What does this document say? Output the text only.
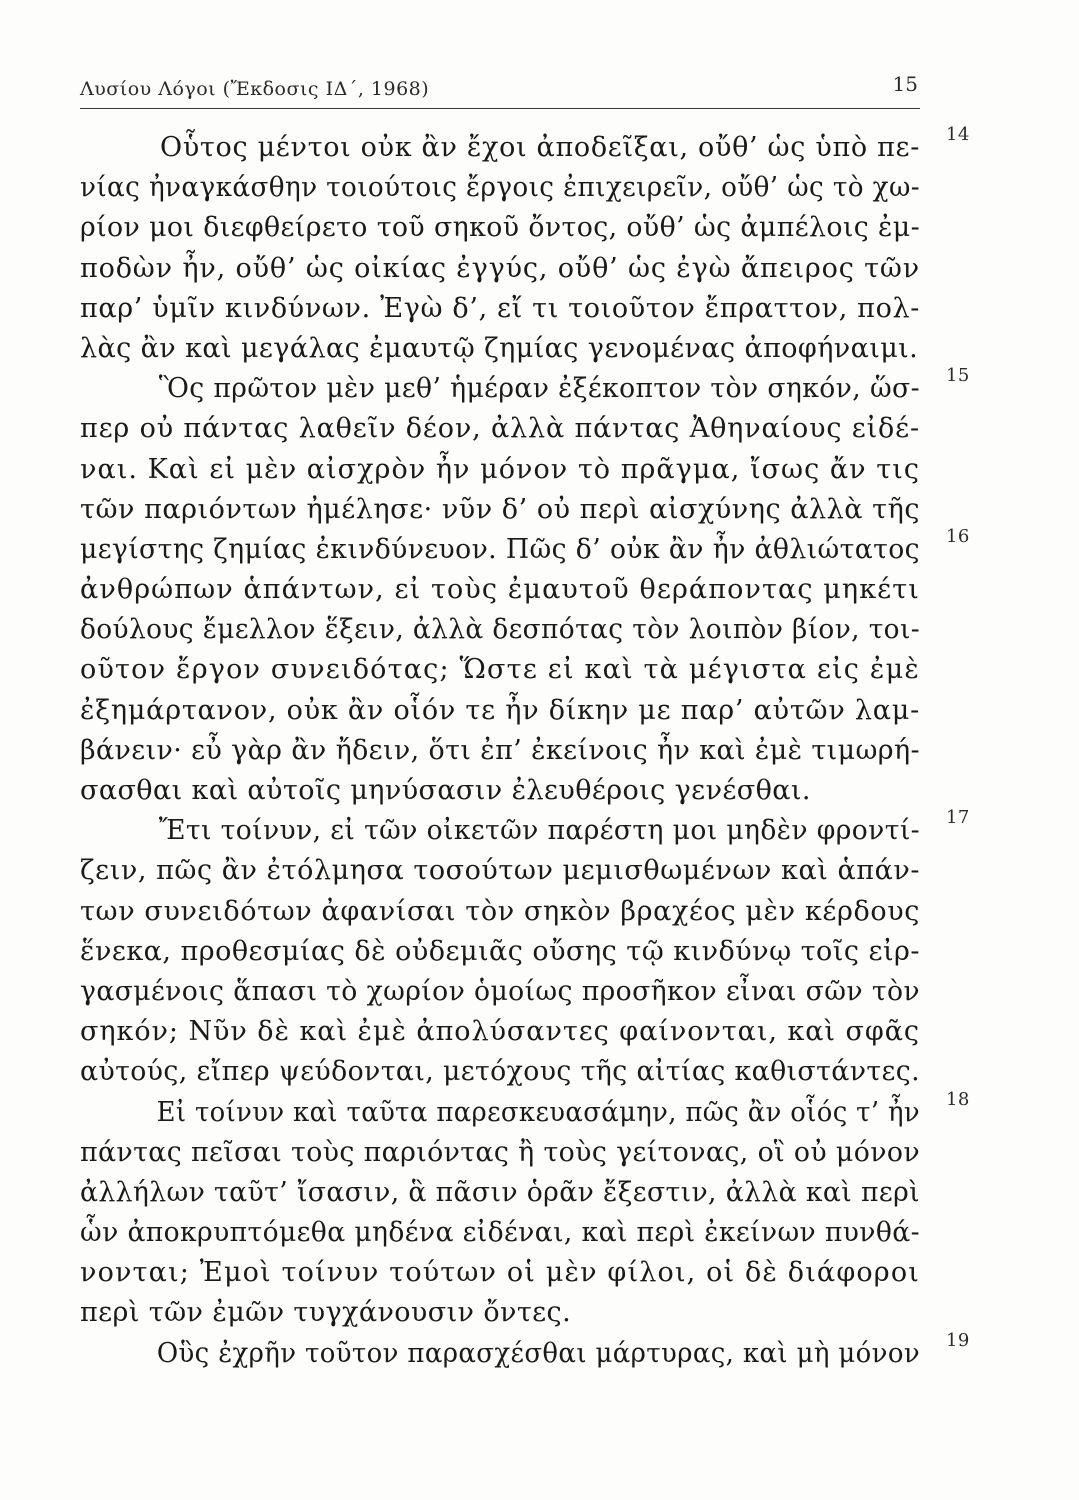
Λυσίου Λόγοι (Ἔκδοσις ΙΔ΄, 1968)	15
Οὗτος μέντοι οὐκ ἂν ἔχοι ἀποδεῖξαι, οὔθ’ ὡς ὑπὸ πε- 14
νίας ἠναγκάσθην τοιούτοις ἔργοις ἐπιχειρεῖν, οὔθ’ ὡς τὸ χω-
ρίον μοι διεφθείρετο τοῦ σηκοῦ ὄντος, οὔθ’ ὡς ἀμπέλοις ἐμ-
ποδὼν ἦν, οὔθ’ ὡς οἰκίας ἐγγύς, οὔθ’ ὡς ἐγὼ ἄπειρος τῶν
παρ’ ὑμῖν κινδύνων. Ἐγὼ δ’, εἴ τι τοιοῦτον ἔπραττον, πολ-
λὰς ἂν καὶ μεγάλας ἐμαυτῷ ζημίας γενομένας ἀποφήναιμι.
Ὃς πρῶτον μὲν μεθ’ ἡμέραν ἐξέκοπτον τὸν σηκόν, ὥσ- 15
περ οὐ πάντας λαθεῖν δέον, ἀλλὰ πάντας Ἀθηναίους εἰδέ-
ναι. Καὶ εἰ μὲν αἰσχρὸν ἦν μόνον τὸ πρᾶγμα, ἴσως ἄν τις
τῶν παριόντων ἠμέλησε· νῦν δ’ οὐ περὶ αἰσχύνης ἀλλὰ τῆς
μεγίστης ζημίας ἐκινδύνευον. Πῶς δ’ οὐκ ἂν ἦν ἀθλιώτατος 16
ἀνθρώπων ἁπάντων, εἰ τοὺς ἐμαυτοῦ θεράποντας μηκέτι
δούλους ἔμελλον ἕξειν, ἀλλὰ δεσπότας τὸν λοιπὸν βίον, τοι-
οῦτον ἔργον συνειδότας; Ὥστε εἰ καὶ τὰ μέγιστα εἰς ἐμὲ
ἐξημάρτανον, οὐκ ἂν οἷόν τε ἦν δίκην με παρ’ αὐτῶν λαμ-
βάνειν· εὖ γὰρ ἂν ἤδειν, ὅτι ἐπ’ ἐκείνοις ἦν καὶ ἐμὲ τιμωρή-
σασθαι καὶ αὐτοῖς μηνύσασιν ἐλευθέροις γενέσθαι.
Ἔτι τοίνυν, εἰ τῶν οἰκετῶν παρέστη μοι μηδὲν φροντί- 17
ζειν, πῶς ἂν ἐτόλμησα τοσούτων μεμισθωμένων καὶ ἁπάν-
των συνειδότων ἀφανίσαι τὸν σηκὸν βραχέος μὲν κέρδους
ἕνεκα, προθεσμίας δὲ οὐδεμιᾶς οὔσης τῷ κινδύνῳ τοῖς εἰρ-
γασμένοις ἅπασι τὸ χωρίον ὁμοίως προσῆκον εἶναι σῶν τὸν
σηκόν; Νῦν δὲ καὶ ἐμὲ ἀπολύσαντες φαίνονται, καὶ σφᾶς
αὐτούς, εἴπερ ψεύδονται, μετόχους τῆς αἰτίας καθιστάντες.
Εἰ τοίνυν καὶ ταῦτα παρεσκευασάμην, πῶς ἂν οἷός τ’ ἦν 18
πάντας πεῖσαι τοὺς παριόντας ἢ τοὺς γείτονας, οἳ οὐ μόνον
ἀλλήλων ταῦτ’ ἴσασιν, ἃ πᾶσιν ὁρᾶν ἔξεστιν, ἀλλὰ καὶ περὶ
ὧν ἀποκρυπτόμεθα μηδένα εἰδέναι, καὶ περὶ ἐκείνων πυνθά-
νονται; Ἐμοὶ τοίνυν τούτων οἱ μὲν φίλοι, οἱ δὲ διάφοροι
περὶ τῶν ἐμῶν τυγχάνουσιν ὄντες.
Οὓς ἐχρῆν τοῦτον παρασχέσθαι μάρτυρας, καὶ μὴ μόνον 19
